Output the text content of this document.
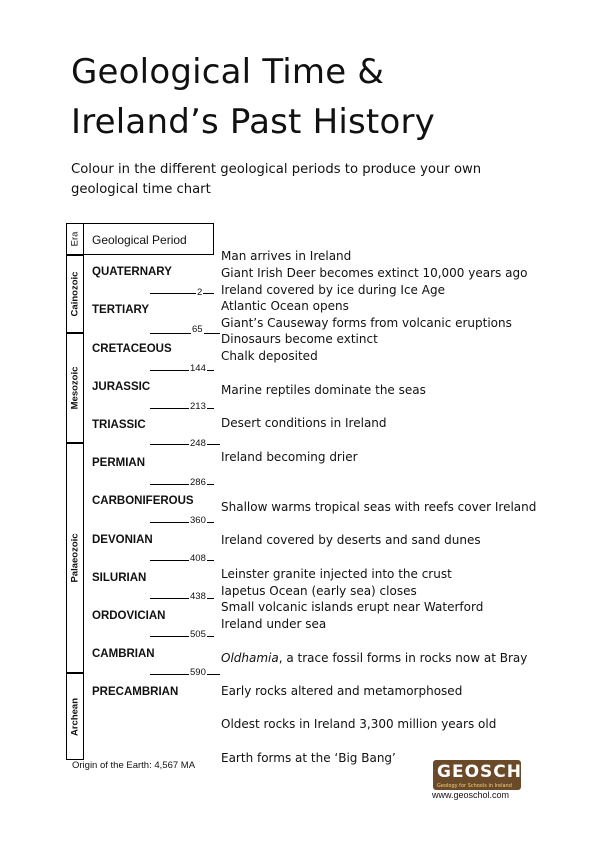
Geological Time &
Ireland’s Past History
Colour in the different geological periods to produce your own geological time chart
Era Geological Period
Cainozoic
Mesozoic
Palaeozoic
Archean
QUATERNARY
TERTIARY
CRETACEOUS
JURASSIC
TRIASSIC
PERMIAN
CARBONIFEROUS
DEVONIAN
SILURIAN
ORDOVICIAN
CAMBRIAN
PRECAMBRIAN
2
65
144
213
248
286
360
408
438
505
590
Origin of the Earth: 4,567 MA
Man arrives in Ireland
Giant Irish Deer becomes extinct 10,000 years ago
Ireland covered by ice during Ice Age
Atlantic Ocean opens
Giant’s Causeway forms from volcanic eruptions
Dinosaurs become extinct
Chalk deposited
Marine reptiles dominate the seas
Desert conditions in Ireland
Ireland becoming drier
Shallow warms tropical seas with reefs cover Ireland
Ireland covered by deserts and sand dunes
Leinster granite injected into the crust
Iapetus Ocean (early sea) closes
Small volcanic islands erupt near Waterford
Ireland under sea
Oldhamia, a trace fossil forms in rocks now at Bray
Early rocks altered and metamorphosed
Oldest rocks in Ireland 3,300 million years old
Earth forms at the ‘Big Bang’
GEOSCHOL
Geology for Schools in Ireland
www.geoschol.com
